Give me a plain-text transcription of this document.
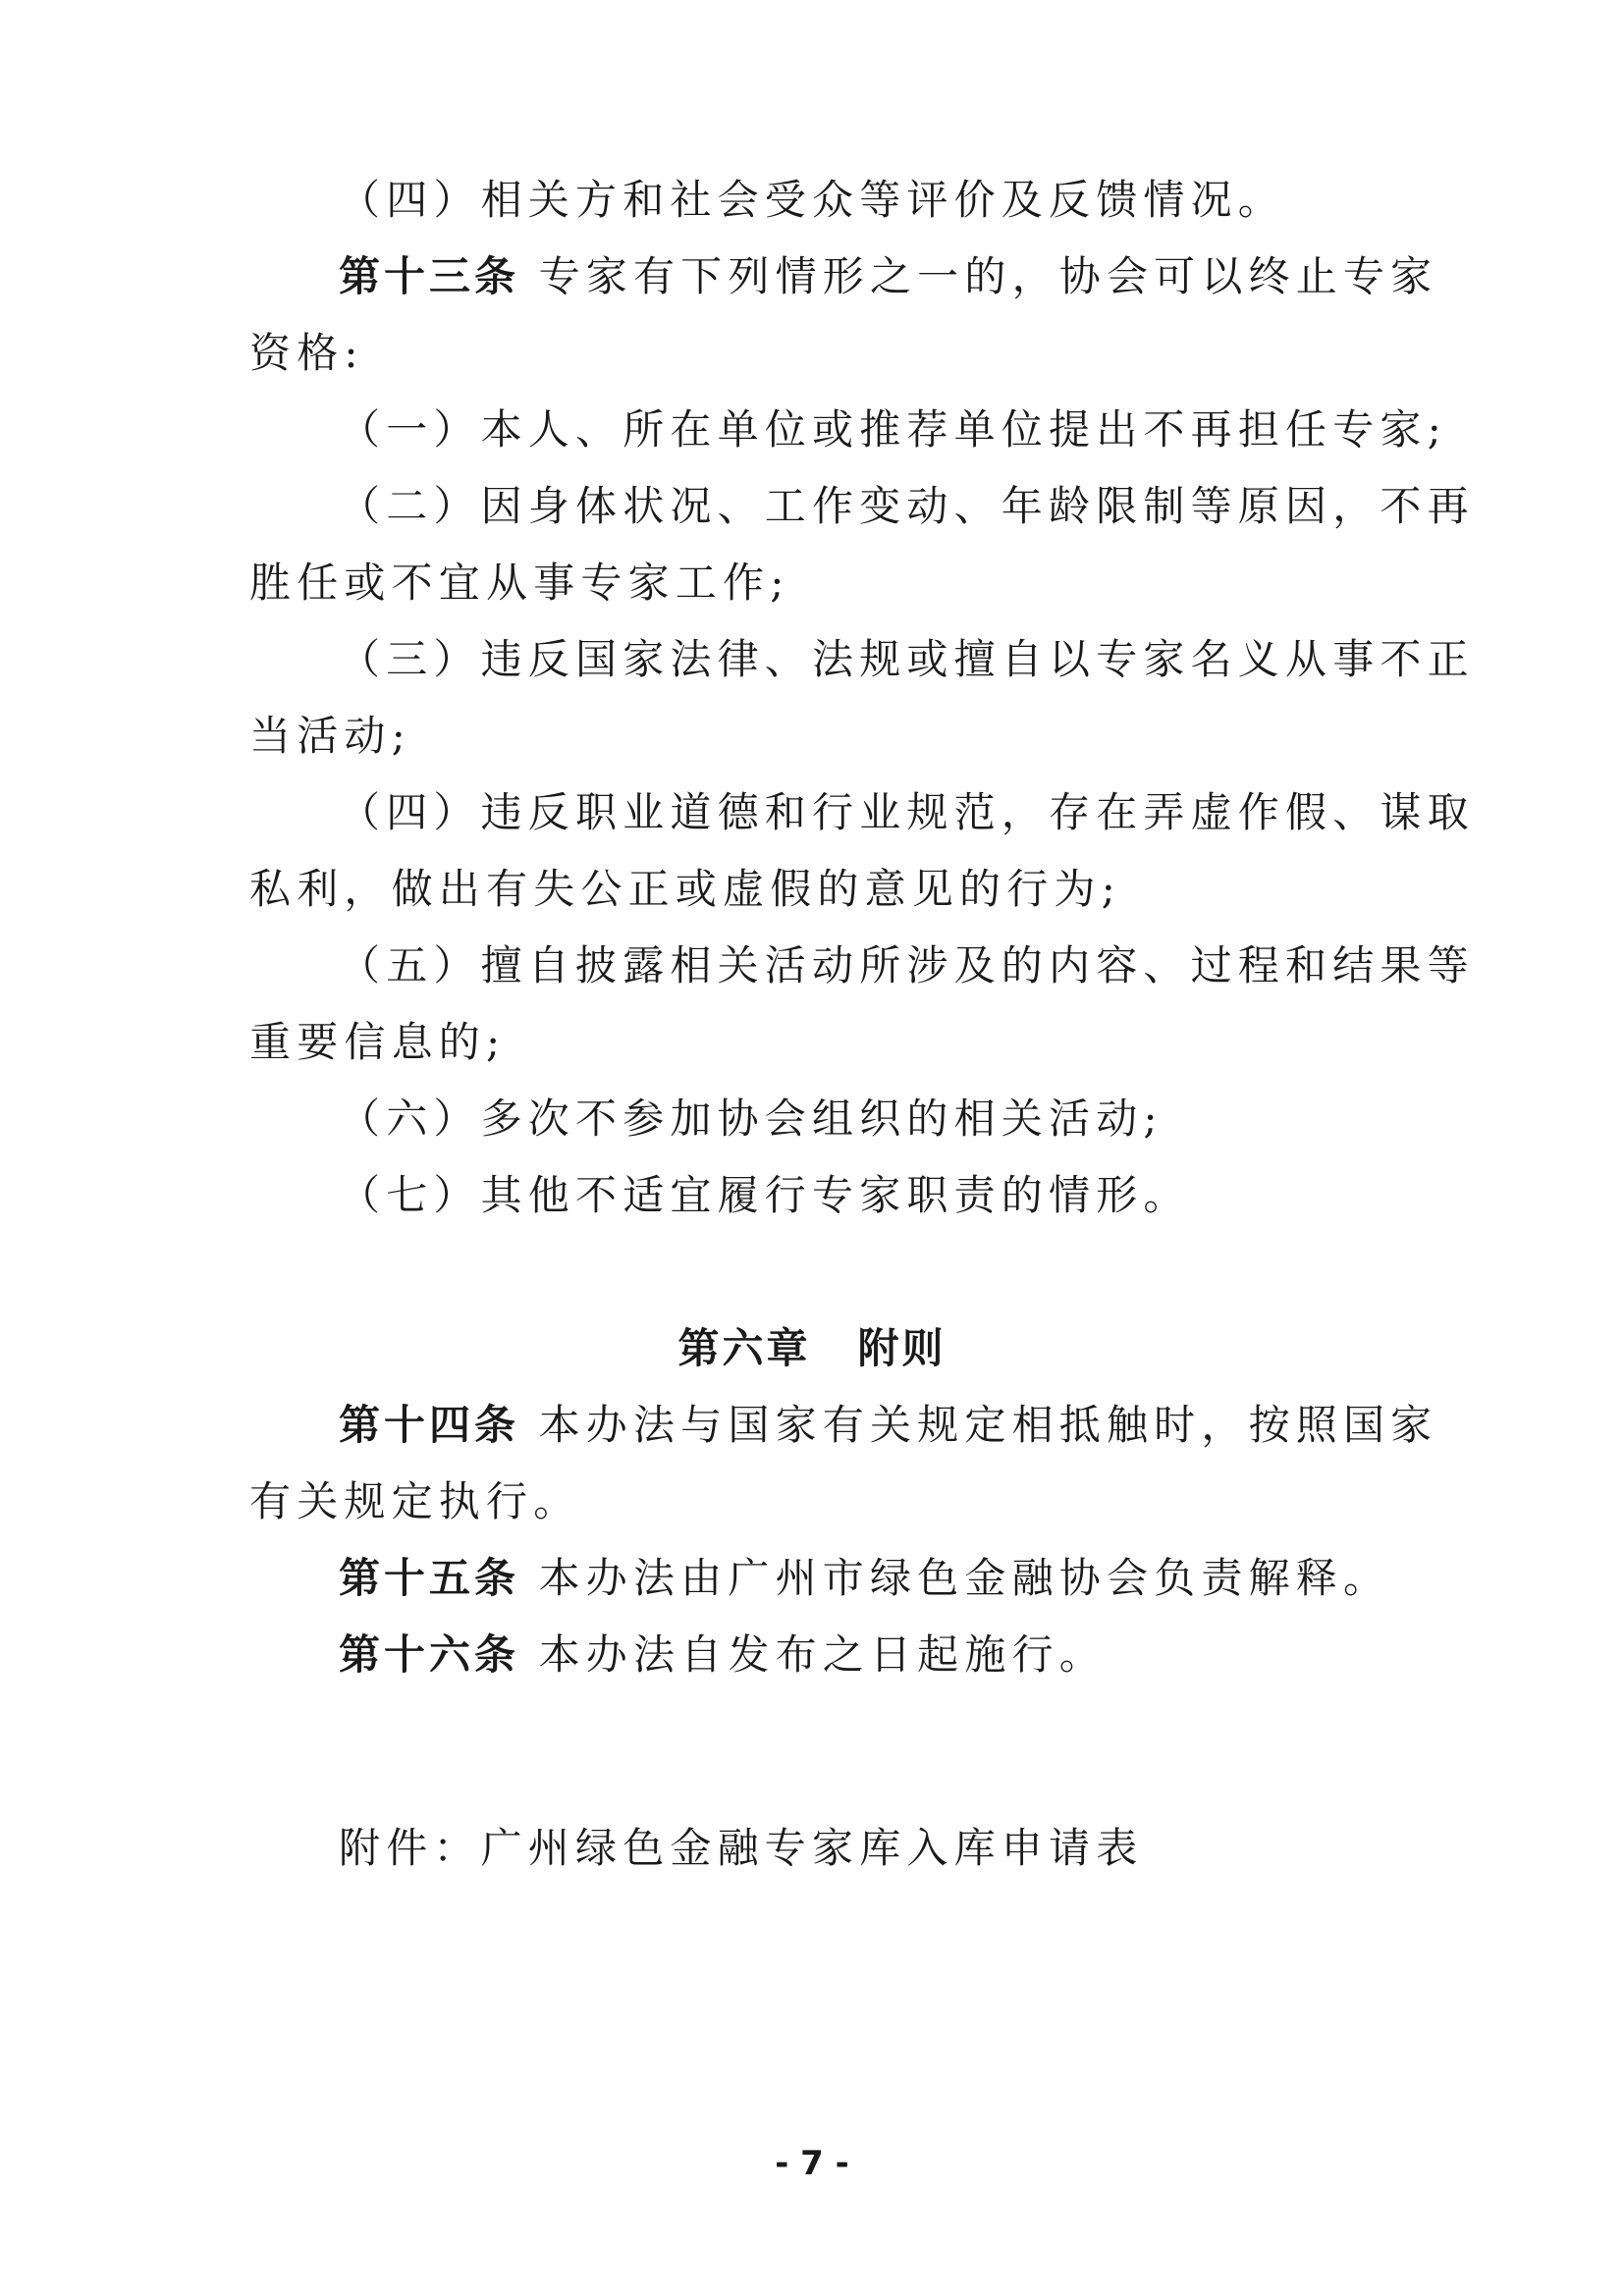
（四）相关方和社会受众等评价及反馈情况。
第十三条 专家有下列情形之一的，协会可以终止专家
资格:
（一）本人、所在单位或推荐单位提出不再担任专家;
（二）因身体状况、工作变动、年龄限制等原因，不再
胜任或不宜从事专家工作;
（三）违反国家法律、法规或擅自以专家名义从事不正
当活动;
（四）违反职业道德和行业规范，存在弄虚作假、谋取
私利，做出有失公正或虚假的意见的行为;
（五）擅自披露相关活动所涉及的内容、过程和结果等
重要信息的;
（六）多次不参加协会组织的相关活动;
（七）其他不适宜履行专家职责的情形。
第六章 附则
第十四条 本办法与国家有关规定相抵触时，按照国家
有关规定执行。
第十五条 本办法由广州市绿色金融协会负责解释。
第十六条 本办法自发布之日起施行。
附件：广州绿色金融专家库入库申请表
- 7 -
